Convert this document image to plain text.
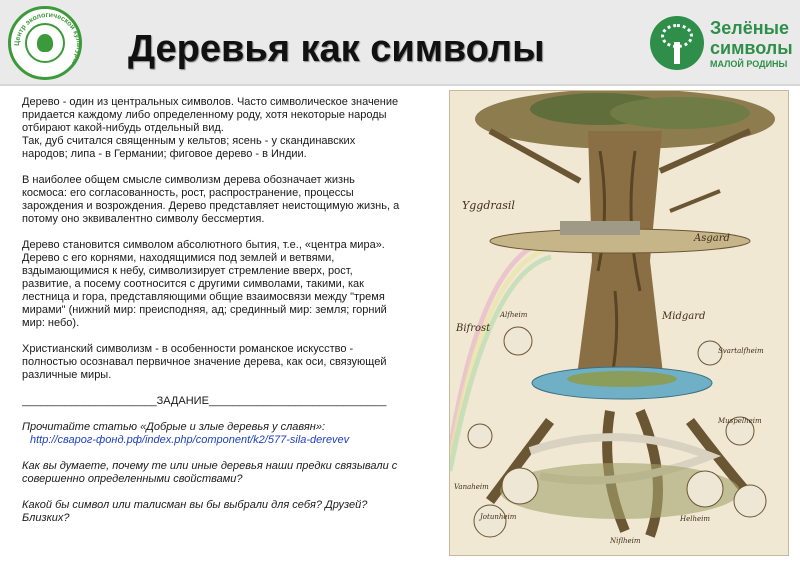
Центр экологической культуры Деревья как символы	Зелёные
символы
МАЛОЙ РОДИНЫ

Дерево - один из центральных символов. Часто символическое значение придается каждому либо определенному роду, хотя некоторые народы отбирают какой-нибудь отдельный вид.

Так, дуб считался священным у кельтов; ясень - у скандинавских народов; липа - в Германии; фиговое дерево - в Индии.

В наиболее общем смысле символизм дерева обозначает жизнь космоса: его согласованность, рост, распространение, процессы зарождения и возрождения. Дерево представляет неистощимую жизнь, а потому оно эквивалентно символу бессмертия.

Дерево становится символом абсолютного бытия, т.е., «центра мира». Дерево с его корнями, находящимися под землей и ветвями, вздымающимися к небу, символизирует стремление вверх, рост, развитие, а посему соотносится с другими символами, такими, как лестница и гора, представляющими общие взаимосвязи между "тремя мирами" (нижний мир: преисподняя, ад; срединный мир: земля; горний мир: небо).

Христианский символизм - в особенности романское искусство - полностью осознавал первичное значение дерева, как оси, связующей различные миры.

______________________ЗАДАНИЕ_____________________________

Прочитайте статью «Добрые и злые деревья у славян»:

http://сварог-фонд.рф/index.php/component/k2/577-sila-derevev

Как вы думаете, почему те или иные деревья наши предки связывали с совершенно определенными свойствами?

Какой бы символ или талисман вы бы выбрали для себя? Друзей? Близких?

Yggdrasil
Asgard
Bifrost
Midgard
Alfheim
Svartalfheim
Muspelheim
Vanaheim
Jotunheim
Niflheim
Helheim
